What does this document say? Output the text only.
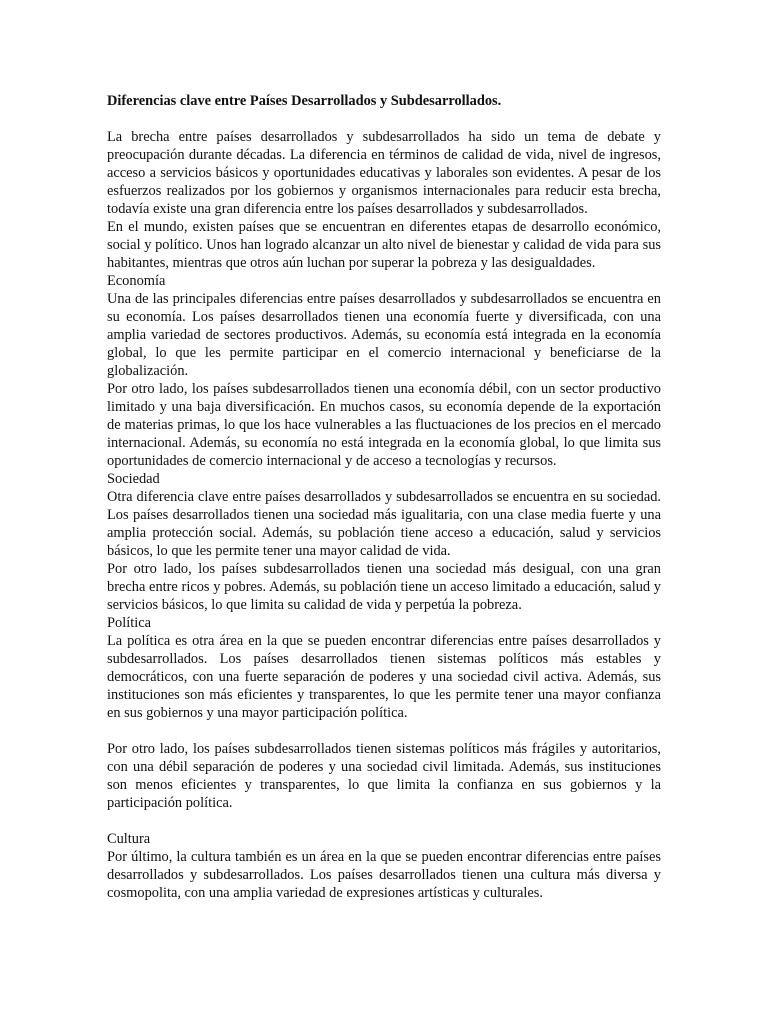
Diferencias clave entre Países Desarrollados y Subdesarrollados.

La brecha entre países desarrollados y subdesarrollados ha sido un tema de debate y preocupación durante décadas. La diferencia en términos de calidad de vida, nivel de ingresos, acceso a servicios básicos y oportunidades educativas y laborales son evidentes. A pesar de los esfuerzos realizados por los gobiernos y organismos internacionales para reducir esta brecha, todavía existe una gran diferencia entre los países desarrollados y subdesarrollados.

En el mundo, existen países que se encuentran en diferentes etapas de desarrollo económico, social y político. Unos han logrado alcanzar un alto nivel de bienestar y calidad de vida para sus habitantes, mientras que otros aún luchan por superar la pobreza y las desigualdades.

Economía

Una de las principales diferencias entre países desarrollados y subdesarrollados se encuentra en su economía. Los países desarrollados tienen una economía fuerte y diversificada, con una amplia variedad de sectores productivos. Además, su economía está integrada en la economía global, lo que les permite participar en el comercio internacional y beneficiarse de la globalización.

Por otro lado, los países subdesarrollados tienen una economía débil, con un sector productivo limitado y una baja diversificación. En muchos casos, su economía depende de la exportación de materias primas, lo que los hace vulnerables a las fluctuaciones de los precios en el mercado internacional. Además, su economía no está integrada en la economía global, lo que limita sus oportunidades de comercio internacional y de acceso a tecnologías y recursos.

Sociedad

Otra diferencia clave entre países desarrollados y subdesarrollados se encuentra en su sociedad. Los países desarrollados tienen una sociedad más igualitaria, con una clase media fuerte y una amplia protección social. Además, su población tiene acceso a educación, salud y servicios básicos, lo que les permite tener una mayor calidad de vida.

Por otro lado, los países subdesarrollados tienen una sociedad más desigual, con una gran brecha entre ricos y pobres. Además, su población tiene un acceso limitado a educación, salud y servicios básicos, lo que limita su calidad de vida y perpetúa la pobreza.

Política

La política es otra área en la que se pueden encontrar diferencias entre países desarrollados y subdesarrollados. Los países desarrollados tienen sistemas políticos más estables y democráticos, con una fuerte separación de poderes y una sociedad civil activa. Además, sus instituciones son más eficientes y transparentes, lo que les permite tener una mayor confianza en sus gobiernos y una mayor participación política.

Por otro lado, los países subdesarrollados tienen sistemas políticos más frágiles y autoritarios, con una débil separación de poderes y una sociedad civil limitada. Además, sus instituciones son menos eficientes y transparentes, lo que limita la confianza en sus gobiernos y la participación política.

Cultura

Por último, la cultura también es un área en la que se pueden encontrar diferencias entre países desarrollados y subdesarrollados. Los países desarrollados tienen una cultura más diversa y cosmopolita, con una amplia variedad de expresiones artísticas y culturales.
